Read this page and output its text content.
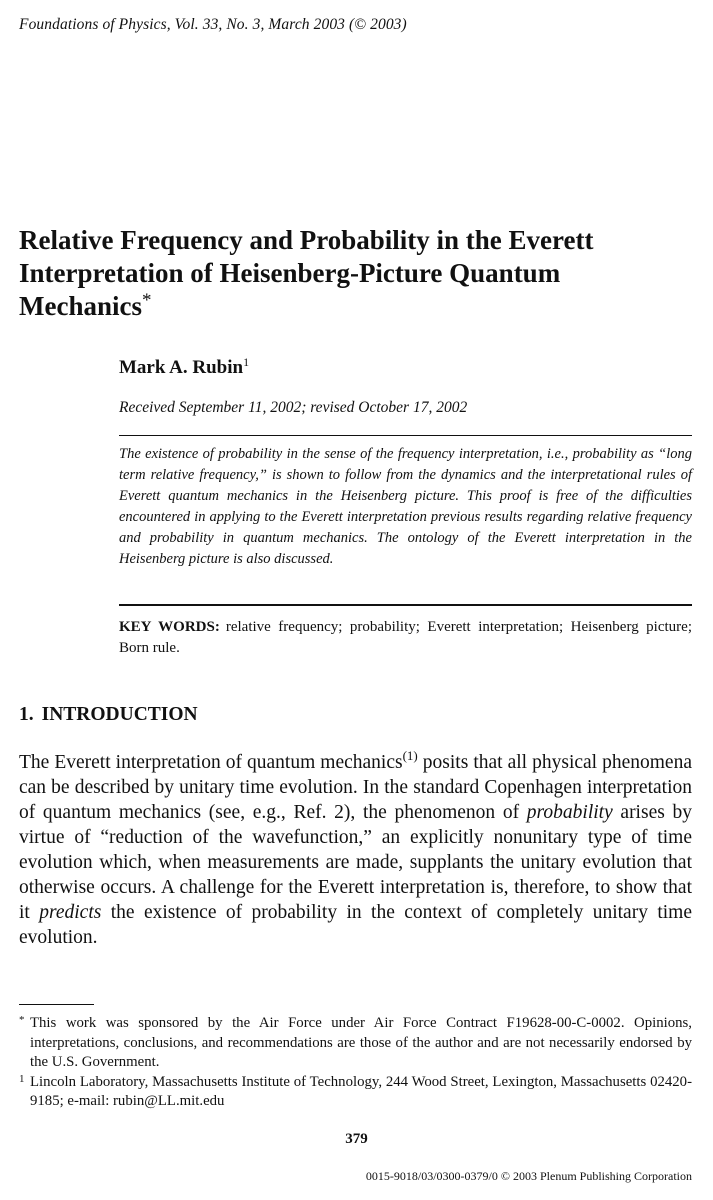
Foundations of Physics, Vol. 33, No. 3, March 2003 (© 2003)
Relative Frequency and Probability in the Everett Interpretation of Heisenberg-Picture Quantum Mechanics*
Mark A. Rubin$^1$
Received September 11, 2002; revised October 17, 2002

The existence of probability in the sense of the frequency interpretation, i.e., probability as “long term relative frequency,” is shown to follow from the dynamics and the interpretational rules of Everett quantum mechanics in the Heisenberg picture. This proof is free of the difficulties encountered in applying to the Everett interpretation previous results regarding relative frequency and probability in quantum mechanics. The ontology of the Everett interpretation in the Heisenberg picture is also discussed.

KEY WORDS: relative frequency; probability; Everett interpretation; Heisenberg picture; Born rule.

1. INTRODUCTION

The Everett interpretation of quantum mechanics$^{(1)}$ posits that all physical phenomena can be described by unitary time evolution. In the standard Copenhagen interpretation of quantum mechanics (see, e.g., Ref. 2), the phenomenon of probability arises by virtue of “reduction of the wavefunction,” an explicitly nonunitary type of time evolution which, when measurements are made, supplants the unitary evolution that otherwise occurs. A challenge for the Everett interpretation is, therefore, to show that it predicts the existence of probability in the context of completely unitary time evolution.

* This work was sponsored by the Air Force under Air Force Contract F19628-00-C-0002. Opinions, interpretations, conclusions, and recommendations are those of the author and are not necessarily endorsed by the U.S. Government.

1 Lincoln Laboratory, Massachusetts Institute of Technology, 244 Wood Street, Lexington, Massachusetts 02420-9185; e-mail: rubin@LL.mit.edu

379
0015-9018/03/0300-0379/0 © 2003 Plenum Publishing Corporation
